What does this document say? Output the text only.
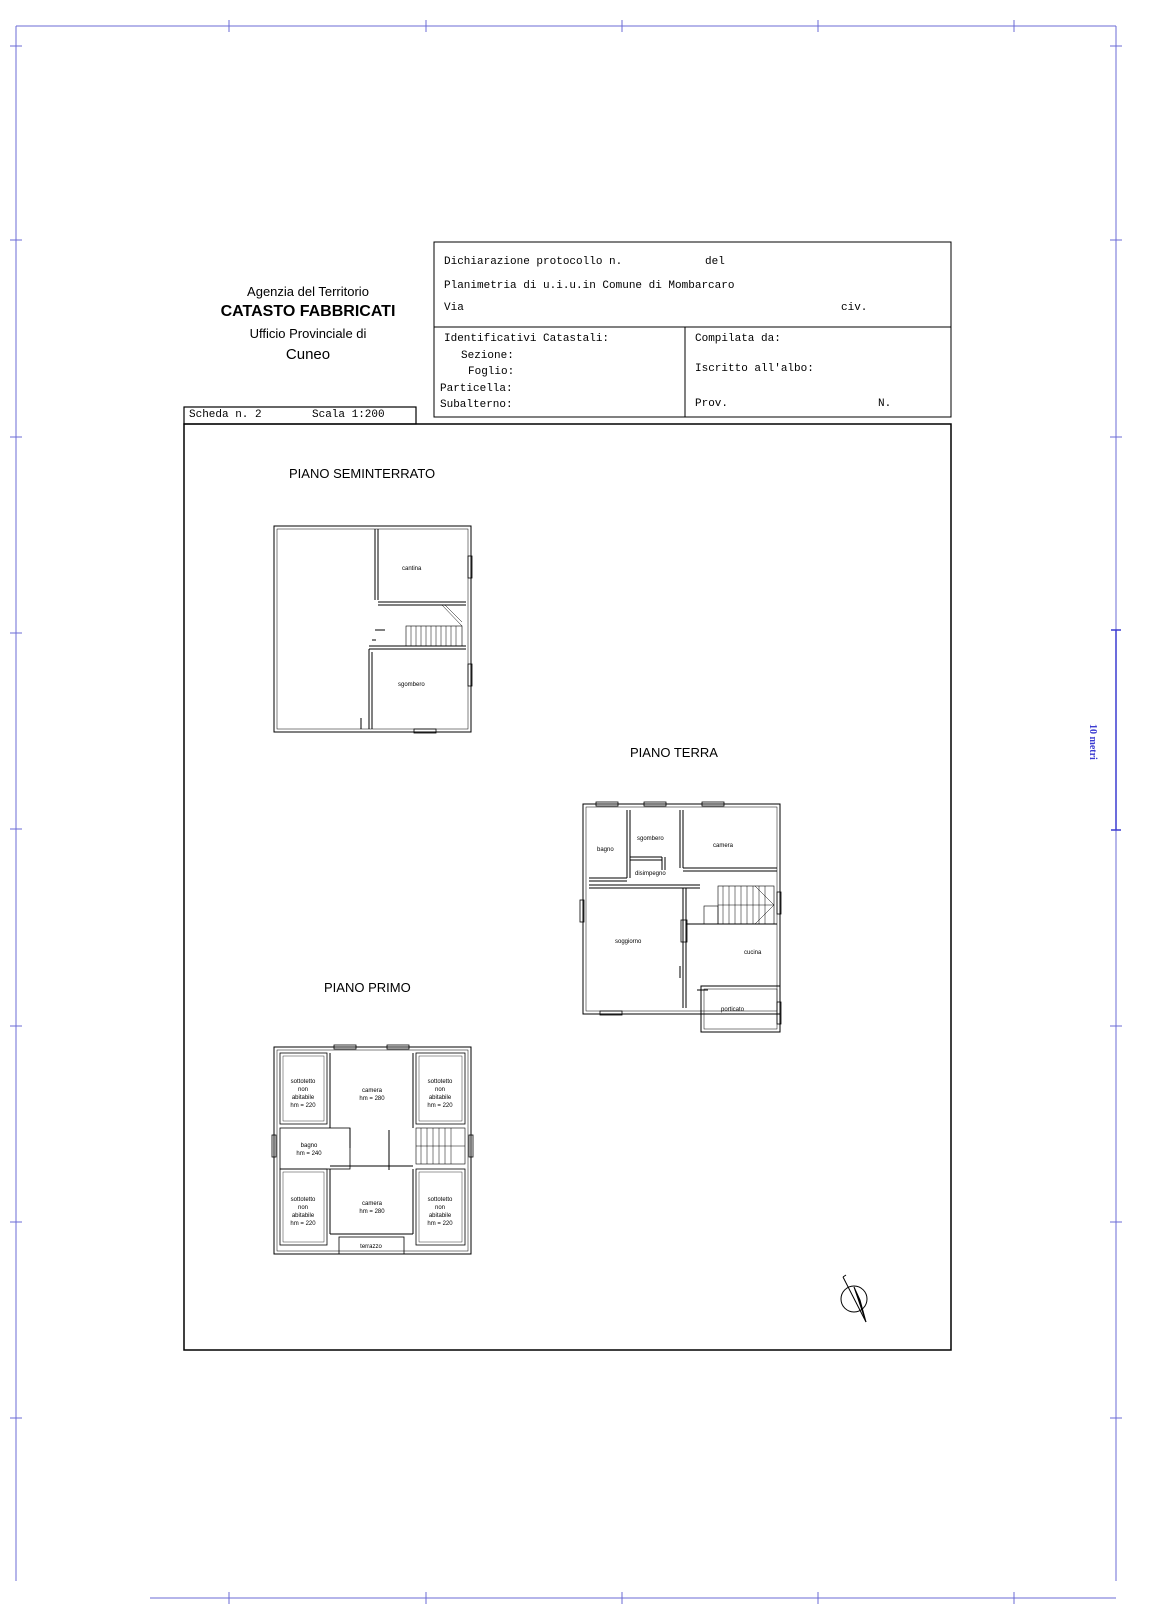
Agenzia del Territorio
CATASTO FABBRICATI
Ufficio Provinciale di
Cuneo
Dichiarazione protocollo n.	del
Planimetria di u.i.u.in Comune di Mombarcaro
Via	civ.
Identificativi Catastali:
Sezione:
Foglio:
Particella:
Subalterno:
Compilata da:
Iscritto all'albo:
Prov.	N.
Scheda n. 2	Scala 1:200
10 metri
PIANO SEMINTERRATO
PIANO TERRA
PIANO PRIMO
cantina
sgombero
bagno
sgombero
camera
disimpegno
soggiorno
cucina
porticato
sottotetto
non
abitabile
hm = 220
camera
hm = 280
sottotetto
non
abitabile
hm = 220
bagno
hm = 240
sottotetto
non
abitabile
hm = 220
camera
hm = 280
sottotetto
non
abitabile
hm = 220
terrazzo
